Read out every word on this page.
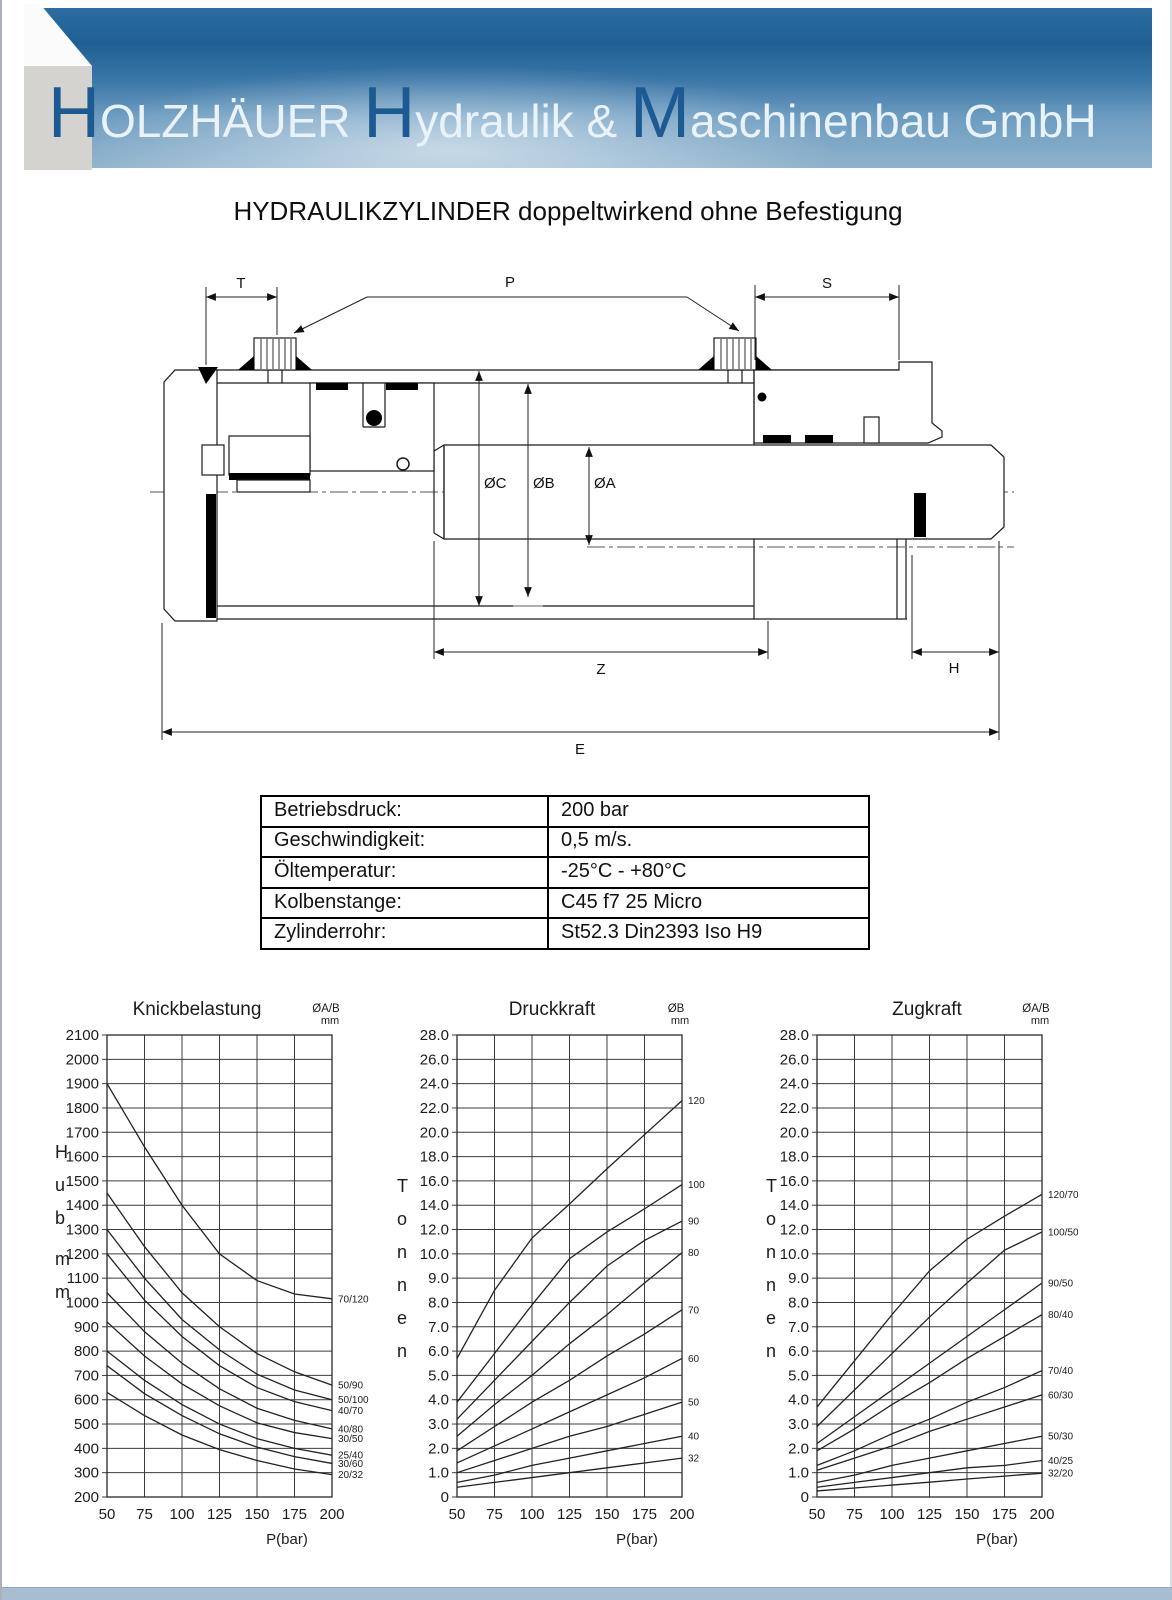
HOLZHÄUER Hydraulik & Maschinenbau GmbH
HYDRAULIKZYLINDER doppeltwirkend ohne Befestigung
T	P	S
ØC ØB	ØA
Z	H
E
Betriebsdruck:	200 bar
Geschwindigkeit:	0,5 m/s.
Öltemperatur:	-25°C - +80°C
Kolbenstange:	C45 f7 25 Micro
Zylinderrohr:	St52.3 Din2393 Iso H9
200
300
400
500
600
700
800
900
1000
1100
1200
1300
1400
1500
1600
1700
1800
1900
2000
2100
50 75 100 125 150 175 200
70/120
50/90
50/100
40/70
40/80
30/50
25/40
30/60
20/32
Knickbelastung	ØA/B
mm
H
u
b
m
m
P(bar)
0
1.0
2.0
3.0
4.0
5.0
6.0
7.0
8.0
9.0
10.0
12.0
14.0
16.0
18.0
20.0
22.0
24.0
26.0
28.0
50 75 100 125 150 175 200
120
100
90
80
70
60
50
40
32
Druckkraft	ØB
mm
T
o
n
n
e
n
P(bar)
0
1.0
2.0
3.0
4.0
5.0
6.0
7.0
8.0
9.0
10.0
12.0
14.0
16.0
18.0
20.0
22.0
24.0
26.0
28.0
50 75 100 125 150 175 200
120/70
100/50
90/50
80/40
70/40
60/30
50/30
40/25
32/20
Zugkraft	ØA/B
mm
T
o
n
n
e
n
P(bar)
